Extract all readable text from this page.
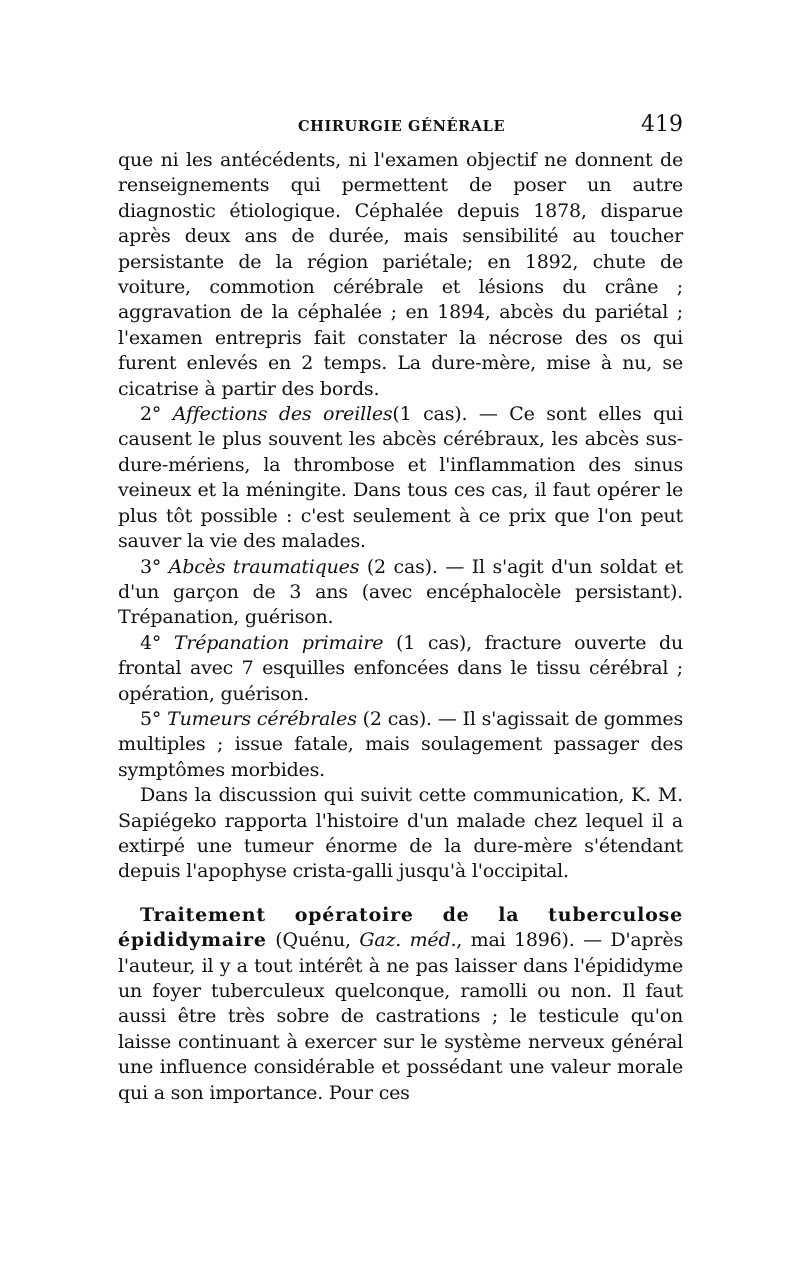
CHIRURGIE GÉNÉRALE	419

que ni les antécédents, ni l'examen objectif ne donnent de renseignements qui permettent de poser un autre diagnostic étiologique. Céphalée depuis 1878, disparue après deux ans de durée, mais sensibilité au toucher persistante de la région pariétale; en 1892, chute de voiture, commotion cérébrale et lésions du crâne ; aggravation de la céphalée ; en 1894, abcès du pariétal ; l'examen entrepris fait constater la nécrose des os qui furent enlevés en 2 temps. La dure-mère, mise à nu, se cicatrise à partir des bords.

2° Affections des oreilles(1 cas). — Ce sont elles qui causent le plus souvent les abcès cérébraux, les abcès sus-dure-mériens, la thrombose et l'inflammation des sinus veineux et la méningite. Dans tous ces cas, il faut opérer le plus tôt possible : c'est seulement à ce prix que l'on peut sauver la vie des malades.

3° Abcès traumatiques (2 cas). — Il s'agit d'un soldat et d'un garçon de 3 ans (avec encéphalocèle persistant). Trépanation, guérison.

4° Trépanation primaire (1 cas), fracture ouverte du frontal avec 7 esquilles enfoncées dans le tissu cérébral ; opération, guérison.

5° Tumeurs cérébrales (2 cas). — Il s'agissait de gommes multiples ; issue fatale, mais soulagement passager des symptômes morbides.

Dans la discussion qui suivit cette communication, K. M. Sapiégeko rapporta l'histoire d'un malade chez lequel il a extirpé une tumeur énorme de la dure-mère s'étendant depuis l'apophyse crista-galli jusqu'à l'occipital.

Traitement opératoire de la tuberculose épididymaire (Quénu, Gaz. méd., mai 1896). — D'après l'auteur, il y a tout intérêt à ne pas laisser dans l'épididyme un foyer tuberculeux quelconque, ramolli ou non. Il faut aussi être très sobre de castrations ; le testicule qu'on laisse continuant à exercer sur le système nerveux général une influence considérable et possédant une valeur morale qui a son importance. Pour ces
